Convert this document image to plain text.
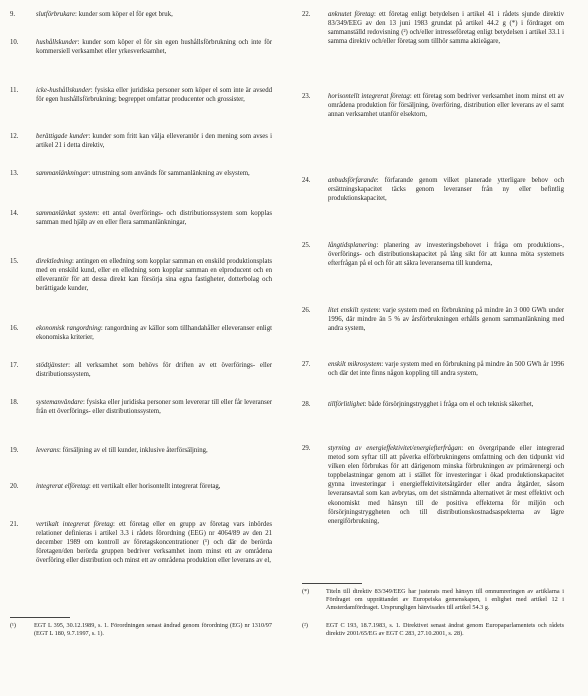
9.	slutförbrukare: kunder som köper el för eget bruk,
10.	hushållskunder: kunder som köper el för sin egen hushållsförbrukning och inte för kommersiell verksamhet eller yrkesverksamhet,
11.	icke-hushållskunder: fysiska eller juridiska personer som köper el som inte är avsedd för egen hushållsförbrukning; begreppet omfattar producenter och grossister,
12.	berättigade kunder: kunder som fritt kan välja elleverantör i den mening som avses i artikel 21 i detta direktiv,
13.	sammanlänkningar: utrustning som används för sammanlänkning av elsystem,
14.	sammanlänkat system: ett antal överförings- och distributionssystem som kopplas samman med hjälp av en eller flera sammanlänkningar,
15.	direktledning: antingen en elledning som kopplar samman en enskild produktionsplats med en enskild kund, eller en elledning som kopplar samman en elproducent och en elleverantör för att dessa direkt kan försörja sina egna fastigheter, dotterbolag och berättigade kunder,
16.	ekonomisk rangordning: rangordning av källor som tillhandahåller elleveranser enligt ekonomiska kriterier,
17.	stödtjänster: all verksamhet som behövs för driften av ett överförings- eller distributionssystem,
18.	systemanvändare: fysiska eller juridiska personer som levererar till eller får leveranser från ett överförings- eller distributionssystem,
19.	leverans: försäljning av el till kunder, inklusive återförsäljning,
20.	integrerat elföretag: ett vertikalt eller horisontellt integrerat företag,
21.	vertikalt integrerat företag: ett företag eller en grupp av företag vars inbördes relationer definieras i artikel 3.3 i rådets förordning (EEG) nr 4064/89 av den 21 december 1989 om kontroll av företagskoncentrationer (¹) och där de berörda företagen/den berörda gruppen bedriver verksamhet inom minst ett av områdena överföring eller distribution och minst ett av områdena produktion eller leverans av el,
(¹)	EGT L 395, 30.12.1989, s. 1. Förordningen senast ändrad genom förordning (EG) nr 1310/97 (EGT L 180, 9.7.1997, s. 1).
22.	anknutet företag: ett företag enligt betydelsen i artikel 41 i rådets sjunde direktiv 83/349/EEG av den 13 juni 1983 grundat på artikel 44.2 g (*) i fördraget om sammanställd redovisning (²) och/eller intresseföretag enligt betydelsen i artikel 33.1 i samma direktiv och/eller företag som tillhör samma aktieägare,
23.	horisontellt integrerat företag: ett företag som bedriver verksamhet inom minst ett av områdena produktion för försäljning, överföring, distribution eller leverans av el samt annan verksamhet utanför elsektorn,
24.	anbudsförfarande: förfarande genom vilket planerade ytterligare behov och ersättningskapacitet täcks genom leveranser från ny eller befintlig produktionskapacitet,
25.	långtidsplanering: planering av investeringsbehovet i fråga om produktions-, överförings- och distributionskapacitet på lång sikt för att kunna möta systemets efterfrågan på el och för att säkra leveranserna till kunderna,
26.	litet enskilt system: varje system med en förbrukning på mindre än 3 000 GWh under 1996, där mindre än 5 % av årsförbrukningen erhålls genom sammanlänkning med andra system,
27.	enskilt mikrosystem: varje system med en förbrukning på mindre än 500 GWh år 1996 och där det inte finns någon koppling till andra system,
28.	tillförlitlighet: både försörjningstrygghet i fråga om el och teknisk säkerhet,
29.	styrning av energieffektivitet/energiefterfrågan: en övergripande eller integrerad metod som syftar till att påverka elförbrukningens omfattning och den tidpunkt vid vilken elen förbrukas för att därigenom minska förbrukningen av primärenergi och toppbelastningar genom att i stället för investeringar i ökad produktionskapacitet gynna investeringar i energieffektivitetsåtgärder eller andra åtgärder, såsom leveransavtal som kan avbrytas, om det sistnämnda alternativet är mest effektivt och ekonomiskt med hänsyn till de positiva effekterna för miljön och försörjningstryggheten och till distributionskostnadsaspekterna av lägre energiförbrukning,
(*)	Titeln till direktiv 83/349/EEG har justerats med hänsyn till omnumreringen av artiklarna i Fördraget om upprättandet av Europeiska gemenskapen, i enlighet med artikel 12 i Amsterdamfördraget. Ursprungligen hänvisades till artikel 54.3 g.
(²)	EGT C 193, 18.7.1983, s. 1. Direktivet senast ändrat genom Europaparlamentets och rådets direktiv 2001/65/EG av EGT C 283, 27.10.2001, s. 28).
